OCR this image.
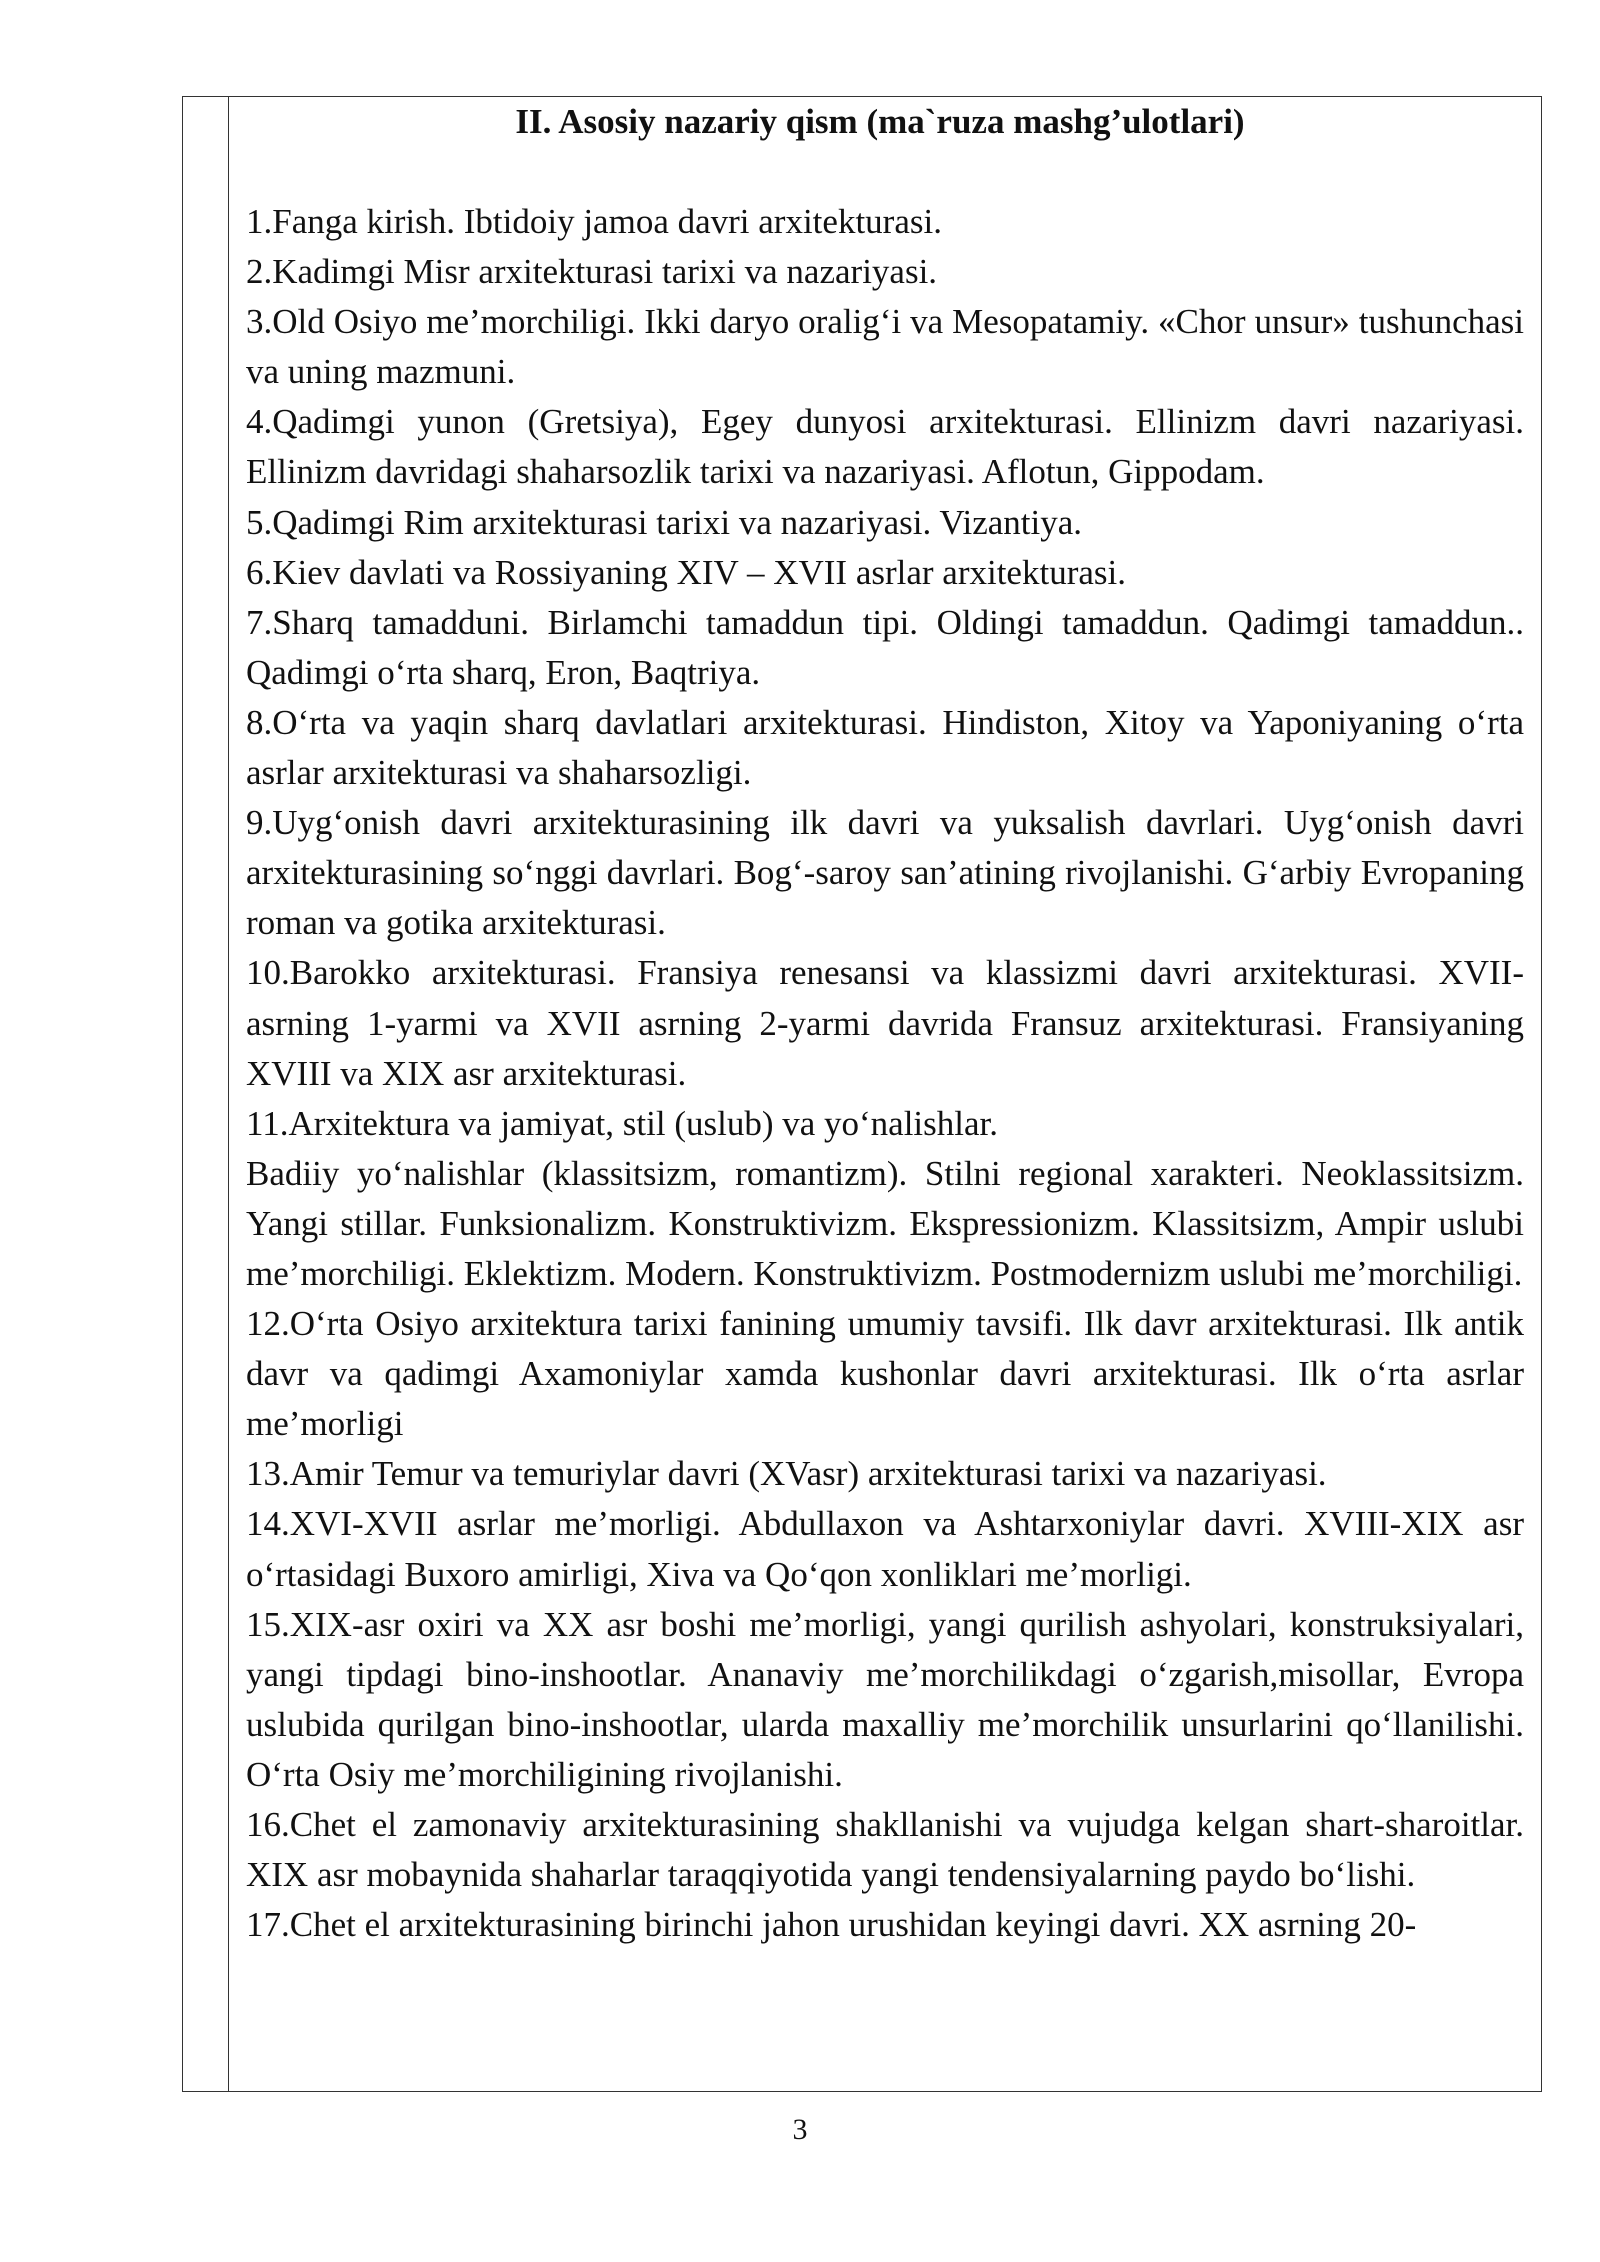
II. Asosiy nazariy qism (ma`ruza mashg’ulotlari)

1.Fanga kirish. Ibtidoiy jamoa davri arxitekturasi.

2.Kadimgi Misr arxitekturasi tarixi va nazariyasi.

3.Old Osiyo me’morchiligi. Ikki daryo oralig‘i va Mesopatamiy. «Chor unsur» tushunchasi va uning mazmuni.

4.Qadimgi yunon (Gretsiya), Egey dunyosi arxitekturasi. Ellinizm davri nazariyasi. Ellinizm davridagi shaharsozlik tarixi va nazariyasi. Aflotun, Gippodam.

5.Qadimgi Rim arxitekturasi tarixi va nazariyasi. Vizantiya.

6.Kiev davlati va Rossiyaning XIV – XVII asrlar arxitekturasi.

7.Sharq tamadduni. Birlamchi tamaddun tipi. Oldingi tamaddun. Qadimgi tamaddun.. Qadimgi o‘rta sharq, Eron, Baqtriya.

8.O‘rta va yaqin sharq davlatlari arxitekturasi. Hindiston, Xitoy va Yaponiyaning o‘rta asrlar arxitekturasi va shaharsozligi.

9.Uyg‘onish davri arxitekturasining ilk davri va yuksalish davrlari. Uyg‘onish davri arxitekturasining so‘nggi davrlari. Bog‘-saroy san’atining rivojlanishi. G‘arbiy Evropaning roman va gotika arxitekturasi.

10.Barokko arxitekturasi. Fransiya renesansi va klassizmi davri arxitekturasi. XVII-asrning 1-yarmi va XVII asrning 2-yarmi davrida Fransuz arxitekturasi. Fransiyaning XVIII va XIX asr arxitekturasi.

11.Arxitektura va jamiyat, stil (uslub) va yo‘nalishlar.

Badiiy yo‘nalishlar (klassitsizm, romantizm). Stilni regional xarakteri. Neoklassitsizm. Yangi stillar. Funksionalizm. Konstruktivizm. Ekspressionizm. Klassitsizm, Ampir uslubi me’morchiligi. Eklektizm. Modern. Konstruktivizm. Postmodernizm uslubi me’morchiligi.

12.O‘rta Osiyo arxitektura tarixi fanining umumiy tavsifi. Ilk davr arxitekturasi. Ilk antik davr va qadimgi Axamoniylar xamda kushonlar davri arxitekturasi. Ilk o‘rta asrlar me’morligi

13.Amir Temur va temuriylar davri (XVasr) arxitekturasi tarixi va nazariyasi.

14.XVI-XVII asrlar me’morligi. Abdullaxon va Ashtarxoniylar davri. XVIII-XIX asr o‘rtasidagi Buxoro amirligi, Xiva va Qo‘qon xonliklari me’morligi.

15.XIX-asr oxiri va XX asr boshi me’morligi, yangi qurilish ashyolari, konstruksiyalari, yangi tipdagi bino-inshootlar. Ananaviy me’morchilikdagi o‘zgarish,misollar, Evropa uslubida qurilgan bino-inshootlar, ularda maxalliy me’morchilik unsurlarini qo‘llanilishi. O‘rta Osiy me’morchiligining rivojlanishi.

16.Chet el zamonaviy arxitekturasining shakllanishi va vujudga kelgan shart-sharoitlar. XIX asr mobaynida shaharlar taraqqiyotida yangi tendensiyalarning paydo bo‘lishi.

17.Chet el arxitekturasining birinchi jahon urushidan keyingi davri. XX asrning 20-

3
